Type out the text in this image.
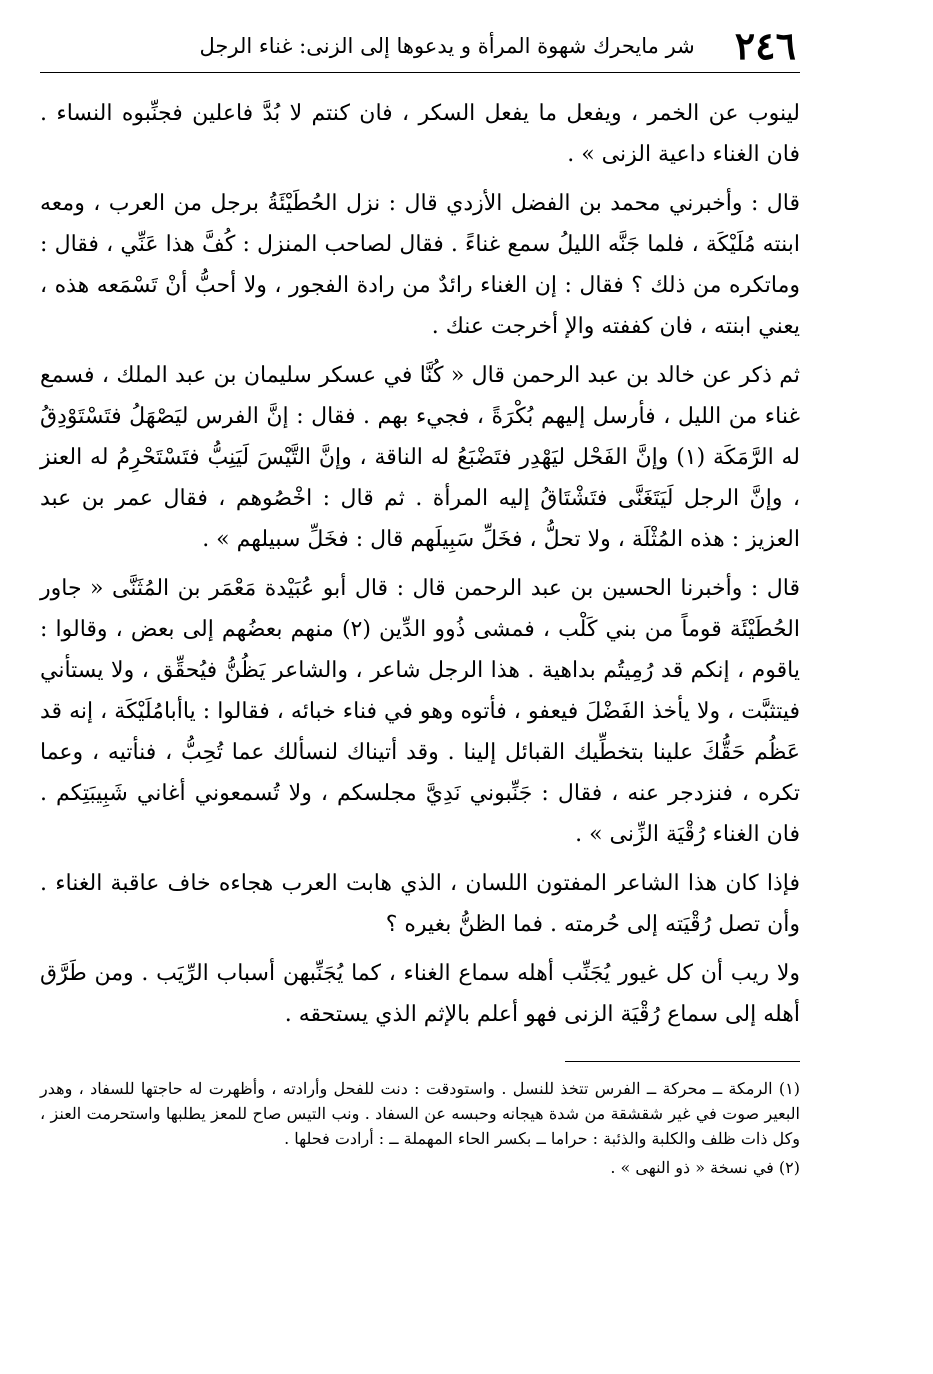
٢٤٦
شر مايحرك شهوة المرأة و يدعوها إلى الزنى: غناء الرجل

لينوب عن الخمر ، ويفعل ما يفعل السكر ، فان كنتم لا بُدَّ فاعلين فجنِّبوه النساء . فان الغناء داعية الزنى » .

قال : وأخبرني محمد بن الفضل الأزدي قال : نزل الحُطَيْئَةُ برجل من العرب ، ومعه ابنته مُلَيْكَة ، فلما جَنَّه الليلُ سمع غناءً . فقال لصاحب المنزل : كُفَّ هذا عَنِّي ، فقال : وماتكره من ذلك ؟ فقال : إن الغناء رائدٌ من رادة الفجور ، ولا أحبُّ أنْ تَسْمَعه هذه ، يعني ابنته ، فان كففته والإ أخرجت عنك .

ثم ذكر عن خالد بن عبد الرحمن قال « كُنَّا في عسكر سليمان بن عبد الملك ، فسمع غناء من الليل ، فأرسل إليهم بُكْرَةً ، فجيء بهم . فقال : إنَّ الفرس ليَصْهَلُ فتَسْتَوْدِقُ له الرَّمَكَة (١) وإنَّ الفَحْل ليَهْدِر فتَضْبَعُ له الناقة ، وإنَّ التَّيْسَ لَيَنِبُّ فتَسْتَحْرِمُ له العنز ، وإنَّ الرجل لَيَتَغَنَّى فتَشْتَاقُ إليه المرأة . ثم قال : اخْصُوهم ، فقال عمر بن عبد العزيز : هذه المُثْلَة ، ولا تحلُّ ، فخَلِّ سَبِيلَهم قال : فخَلِّ سبيلهم » .

قال : وأخبرنا الحسين بن عبد الرحمن قال : قال أبو عُبَيْدة مَعْمَر بن المُثَنَّى « جاور الحُطَيْئَة قوماً من بني كَلْب ، فمشى ذُوو الدِّين (٢) منهم بعضُهم إلى بعض ، وقالوا : ياقوم ، إنكم قد رُمِيتُم بداهية . هذا الرجل شاعر ، والشاعر يَظُنُّ فيُحقِّق ، ولا يستأني فيتثبَّت ، ولا يأخذ الفَضْلَ فيعفو ، فأتوه وهو في فناء خبائه ، فقالوا : ياأبامُلَيْكَة ، إنه قد عَظُم حَقُّكَ علينا بتخطِّيك القبائل إلينا . وقد أتيناك لنسألك عما تُحِبُّ ، فنأتيه ، وعما تكره ، فنزدجر عنه ، فقال : جَنِّبوني نَدِيَّ مجلسكم ، ولا تُسمعوني أغاني شَبِيبَتِكم . فان الغناء رُقْيَة الزِّنى » .

فإذا كان هذا الشاعر المفتون اللسان ، الذي هابت العرب هجاءه خاف عاقبة الغناء . وأن تصل رُقْيَته إلى حُرمته . فما الظنُّ بغيره ؟

ولا ريب أن كل غيور يُجَنِّب أهله سماع الغناء ، كما يُجَنِّبهن أسباب الرِّيَب . ومن طَرَّق أهله إلى سماع رُقْيَة الزنى فهو أعلم بالإثم الذي يستحقه .

(١) الرمكة ــ محركة ــ الفرس تتخذ للنسل . واستودقت : دنت للفحل وأرادته ، وأظهرت له حاجتها للسفاد ، وهدر البعير صوت في غير شقشقة من شدة هيجانه وحبسه عن السفاد . ونب التيس صاح للمعز يطلبها واستحرمت العنز ، وكل ذات ظلف والكلبة والذئبة : حراما ــ بكسر الحاء المهملة ــ : أرادت فحلها .

(٢) في نسخة « ذو النهى » .
